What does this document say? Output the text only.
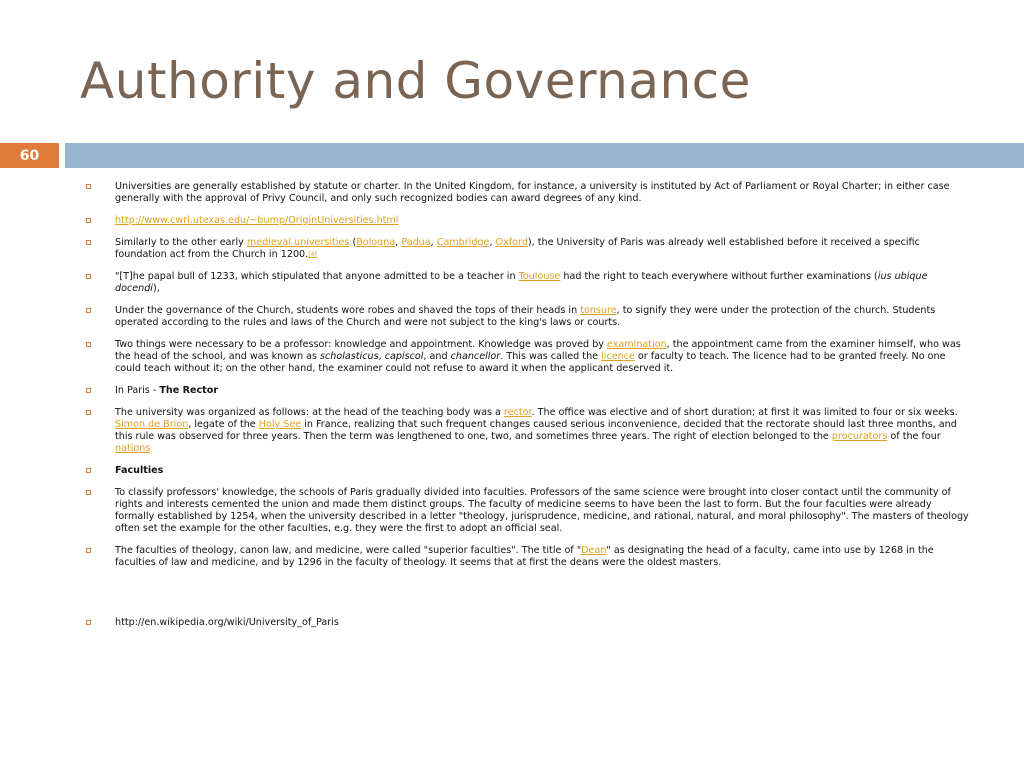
Authority and Governance
60
Universities are generally established by statute or charter. In the United Kingdom, for instance, a university is instituted by Act of Parliament or Royal Charter; in either case generally with the approval of Privy Council, and only such recognized bodies can award degrees of any kind.
http://www.cwrl.utexas.edu/~bump/OriginUniversities.html
Similarly to the other early medieval universities (Bologna, Padua, Cambridge, Oxford), the University of Paris was already well established before it received a specific foundation act from the Church in 1200.[4]
"[T]he papal bull of 1233, which stipulated that anyone admitted to be a teacher in Toulouse had the right to teach everywhere without further examinations (ius ubique docendi),
Under the governance of the Church, students wore robes and shaved the tops of their heads in tonsure, to signify they were under the protection of the church. Students operated according to the rules and laws of the Church and were not subject to the king's laws or courts.
Two things were necessary to be a professor: knowledge and appointment. Knowledge was proved by examination, the appointment came from the examiner himself, who was the head of the school, and was known as scholasticus, capiscol, and chancellor. This was called the licence or faculty to teach. The licence had to be granted freely. No one could teach without it; on the other hand, the examiner could not refuse to award it when the applicant deserved it.
In Paris - The Rector
The university was organized as follows: at the head of the teaching body was a rector. The office was elective and of short duration; at first it was limited to four or six weeks. Simon de Brion, legate of the Holy See in France, realizing that such frequent changes caused serious inconvenience, decided that the rectorate should last three months, and this rule was observed for three years. Then the term was lengthened to one, two, and sometimes three years. The right of election belonged to the procurators of the four nations
Faculties
To classify professors' knowledge, the schools of Paris gradually divided into faculties. Professors of the same science were brought into closer contact until the community of rights and interests cemented the union and made them distinct groups. The faculty of medicine seems to have been the last to form. But the four faculties were already formally established by 1254, when the university described in a letter "theology, jurisprudence, medicine, and rational, natural, and moral philosophy". The masters of theology often set the example for the other faculties, e.g. they were the first to adopt an official seal.
The faculties of theology, canon law, and medicine, were called "superior faculties". The title of "Dean" as designating the head of a faculty, came into use by 1268 in the faculties of law and medicine, and by 1296 in the faculty of theology. It seems that at first the deans were the oldest masters.
http://en.wikipedia.org/wiki/University_of_Paris
